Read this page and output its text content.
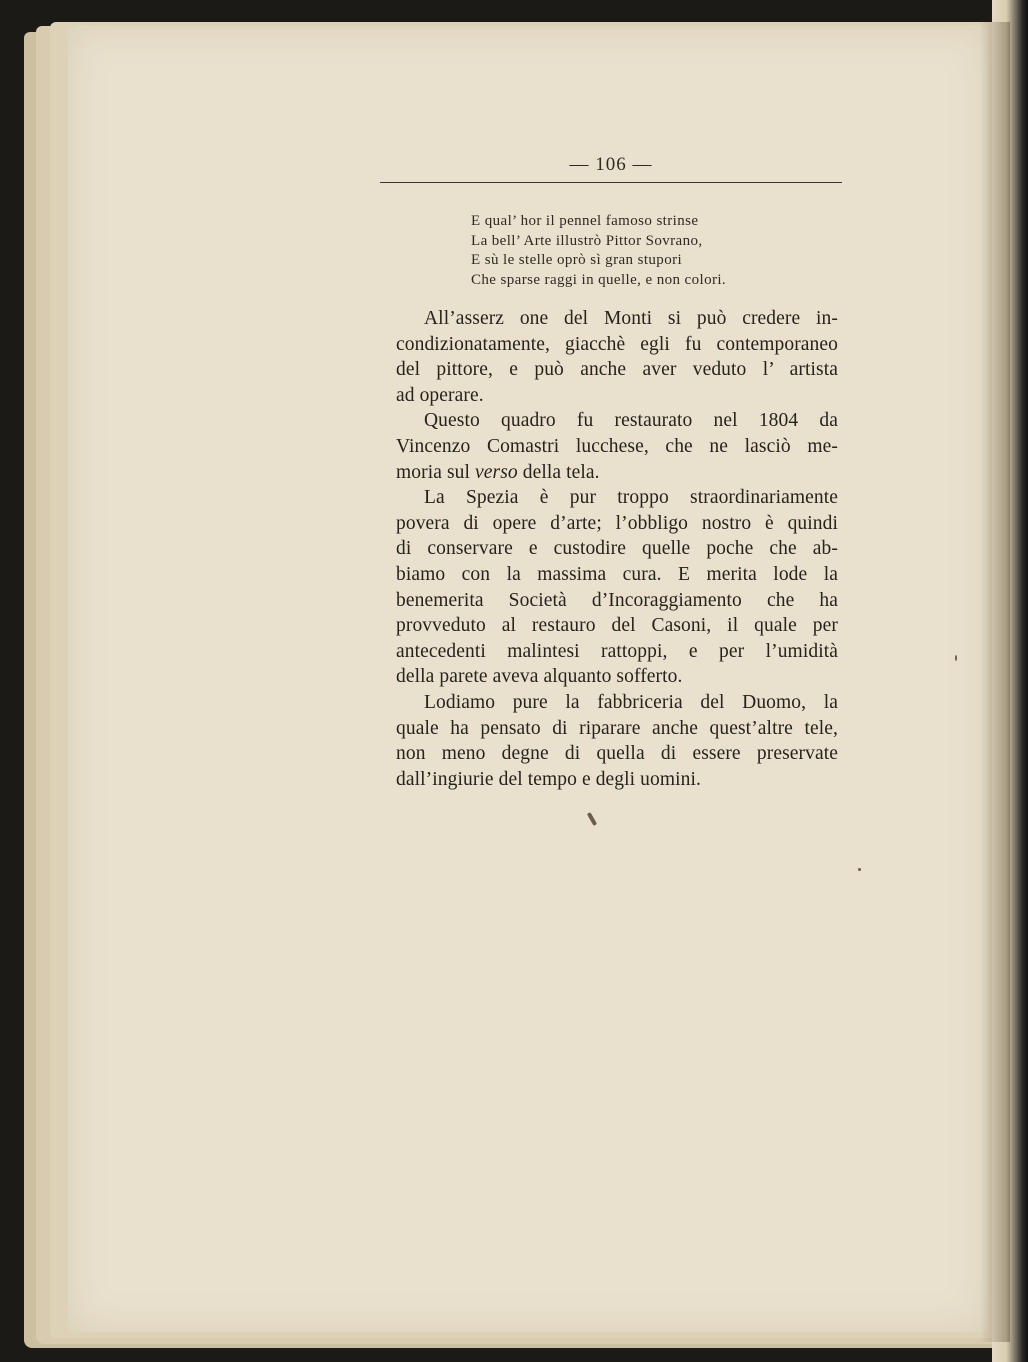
— 106 —
E qual’ hor il pennel famoso strinse
La bell’ Arte illustrò Pittor Sovrano,
E sù le stelle oprò sì gran stupori
Che sparse raggi in quelle, e non colori.
All’asserz one del Monti si può credere in-
condizionatamente, giacchè egli fu contemporaneo
del pittore, e può anche aver veduto l’ artista
ad operare.
Questo quadro fu restaurato nel 1804 da
Vincenzo Comastri lucchese, che ne lasciò me-
moria sul verso della tela.
La Spezia è pur troppo straordinariamente
povera di opere d’arte; l’obbligo nostro è quindi
di conservare e custodire quelle poche che ab-
biamo con la massima cura. E merita lode la
benemerita Società d’Incoraggiamento che ha
provveduto al restauro del Casoni, il quale per
antecedenti malintesi rattoppi, e per l’umidità
della parete aveva alquanto sofferto.
Lodiamo pure la fabbriceria del Duomo, la
quale ha pensato di riparare anche quest’altre tele,
non meno degne di quella di essere preservate
dall’ingiurie del tempo e degli uomini.
